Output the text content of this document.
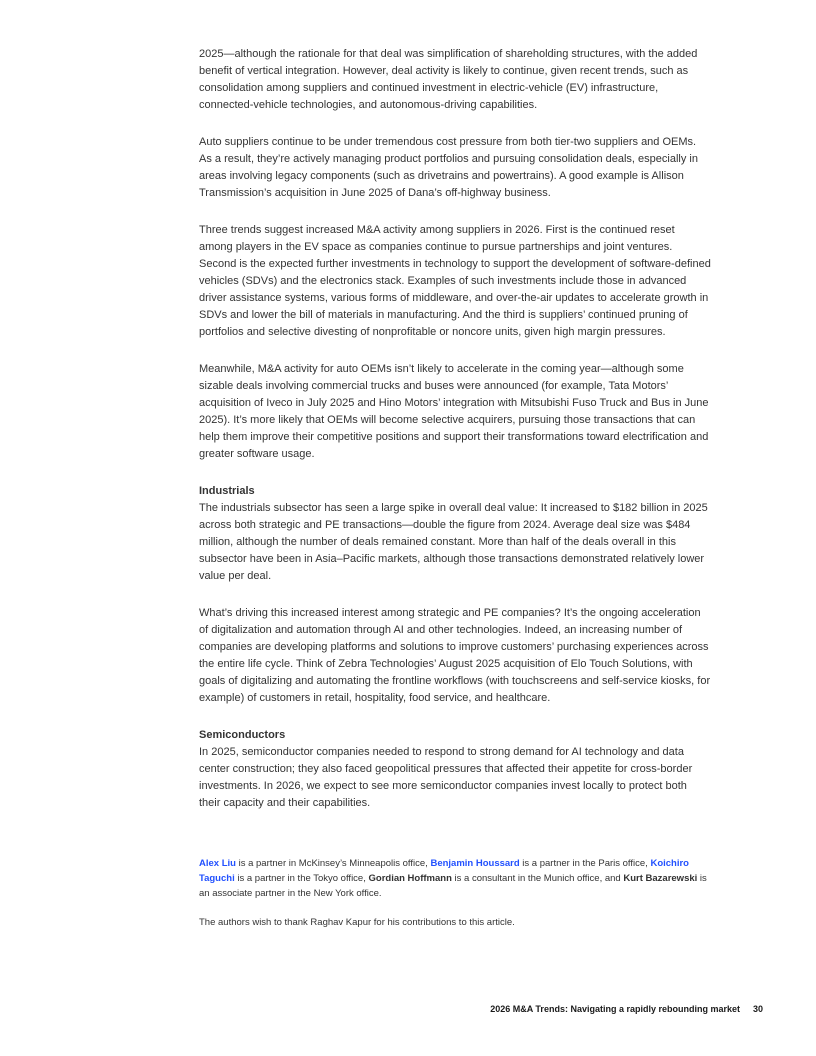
2025—although the rationale for that deal was simplification of shareholding structures, with the added benefit of vertical integration. However, deal activity is likely to continue, given recent trends, such as consolidation among suppliers and continued investment in electric-vehicle (EV) infrastructure, connected-vehicle technologies, and autonomous-driving capabilities.

Auto suppliers continue to be under tremendous cost pressure from both tier-two suppliers and OEMs. As a result, they’re actively managing product portfolios and pursuing consolidation deals, especially in areas involving legacy components (such as drivetrains and powertrains). A good example is Allison Transmission’s acquisition in June 2025 of Dana’s off-highway business.

Three trends suggest increased M&A activity among suppliers in 2026. First is the continued reset among players in the EV space as companies continue to pursue partnerships and joint ventures. Second is the expected further investments in technology to support the development of software-defined vehicles (SDVs) and the electronics stack. Examples of such investments include those in advanced driver assistance systems, various forms of middleware, and over-the-air updates to accelerate growth in SDVs and lower the bill of materials in manufacturing. And the third is suppliers’ continued pruning of portfolios and selective divesting of nonprofitable or noncore units, given high margin pressures.

Meanwhile, M&A activity for auto OEMs isn’t likely to accelerate in the coming year—although some sizable deals involving commercial trucks and buses were announced (for example, Tata Motors’ acquisition of Iveco in July 2025 and Hino Motors’ integration with Mitsubishi Fuso Truck and Bus in June 2025). It’s more likely that OEMs will become selective acquirers, pursuing those transactions that can help them improve their competitive positions and support their transformations toward electrification and greater software usage.

Industrials

The industrials subsector has seen a large spike in overall deal value: It increased to $182 billion in 2025 across both strategic and PE transactions—double the figure from 2024. Average deal size was $484 million, although the number of deals remained constant. More than half of the deals overall in this subsector have been in Asia–Pacific markets, although those transactions demonstrated relatively lower value per deal.

What’s driving this increased interest among strategic and PE companies? It’s the ongoing acceleration of digitalization and automation through AI and other technologies. Indeed, an increasing number of companies are developing platforms and solutions to improve customers’ purchasing experiences across the entire life cycle. Think of Zebra Technologies’ August 2025 acquisition of Elo Touch Solutions, with goals of digitalizing and automating the frontline workflows (with touchscreens and self-service kiosks, for example) of customers in retail, hospitality, food service, and healthcare.

Semiconductors

In 2025, semiconductor companies needed to respond to strong demand for AI technology and data center construction; they also faced geopolitical pressures that affected their appetite for cross-border investments. In 2026, we expect to see more semiconductor companies invest locally to protect both their capacity and their capabilities.

Alex Liu is a partner in McKinsey’s Minneapolis office, Benjamin Houssard is a partner in the Paris office, Koichiro Taguchi is a partner in the Tokyo office, Gordian Hoffmann is a consultant in the Munich office, and Kurt Bazarewski is an associate partner in the New York office.

The authors wish to thank Raghav Kapur for his contributions to this article.

2026 M&A Trends: Navigating a rapidly rebounding market 30
